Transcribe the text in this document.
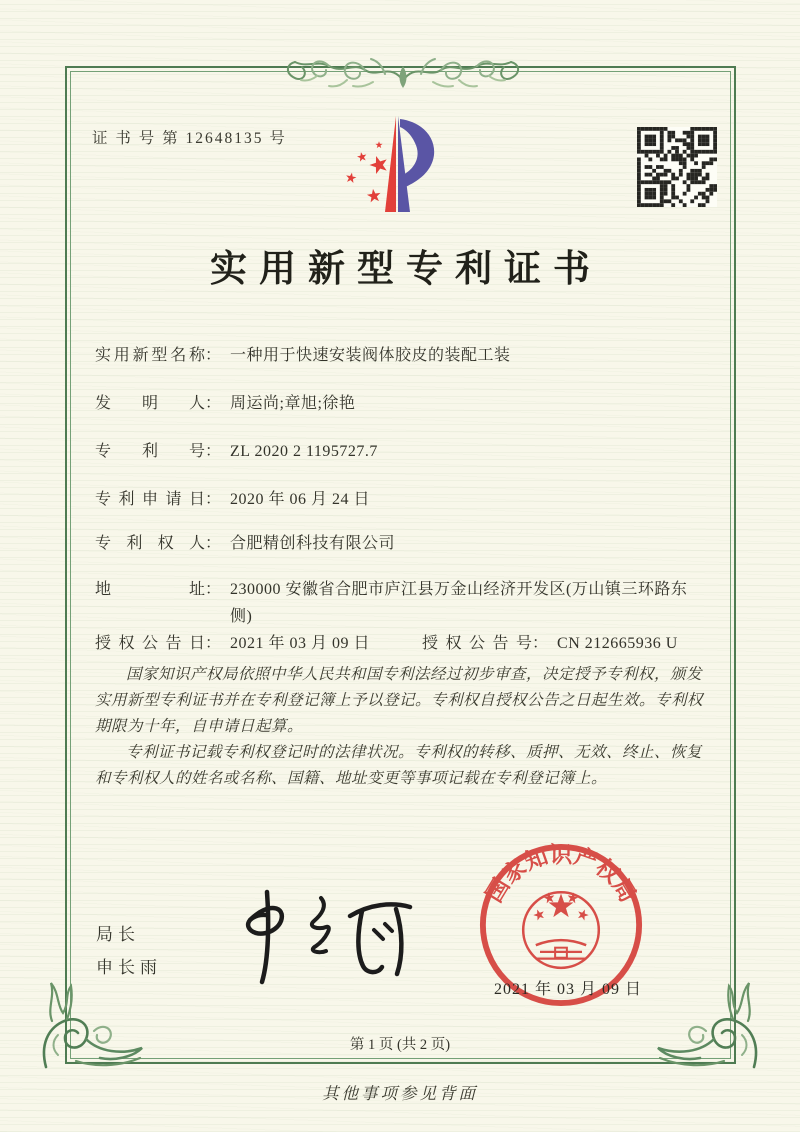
证 书 号 第 12648135 号
实用新型专利证书
实用新型名称： 一种用于快速安装阀体胶皮的装配工装
发明人： 周运尚;章旭;徐艳
专利号： ZL 2020 2 1195727.7
专利申请日： 2020 年 06 月 24 日
专利权人： 合肥精创科技有限公司
地址： 230000 安徽省合肥市庐江县万金山经济开发区(万山镇三环路东侧)
授权公告日： 2021 年 03 月 09 日	授权公告号： CN 212665936 U

国家知识产权局依照中华人民共和国专利法经过初步审查，决定授予专利权，颁发实用新型专利证书并在专利登记簿上予以登记。专利权自授权公告之日起生效。专利权期限为十年，自申请日起算。

专利证书记载专利权登记时的法律状况。专利权的转移、质押、无效、终止、恢复和专利权人的姓名或名称、国籍、地址变更等事项记载在专利登记簿上。

局长
申长雨
国家知识产权局
2021 年 03 月 09 日
第 1 页 (共 2 页)
其他事项参见背面
